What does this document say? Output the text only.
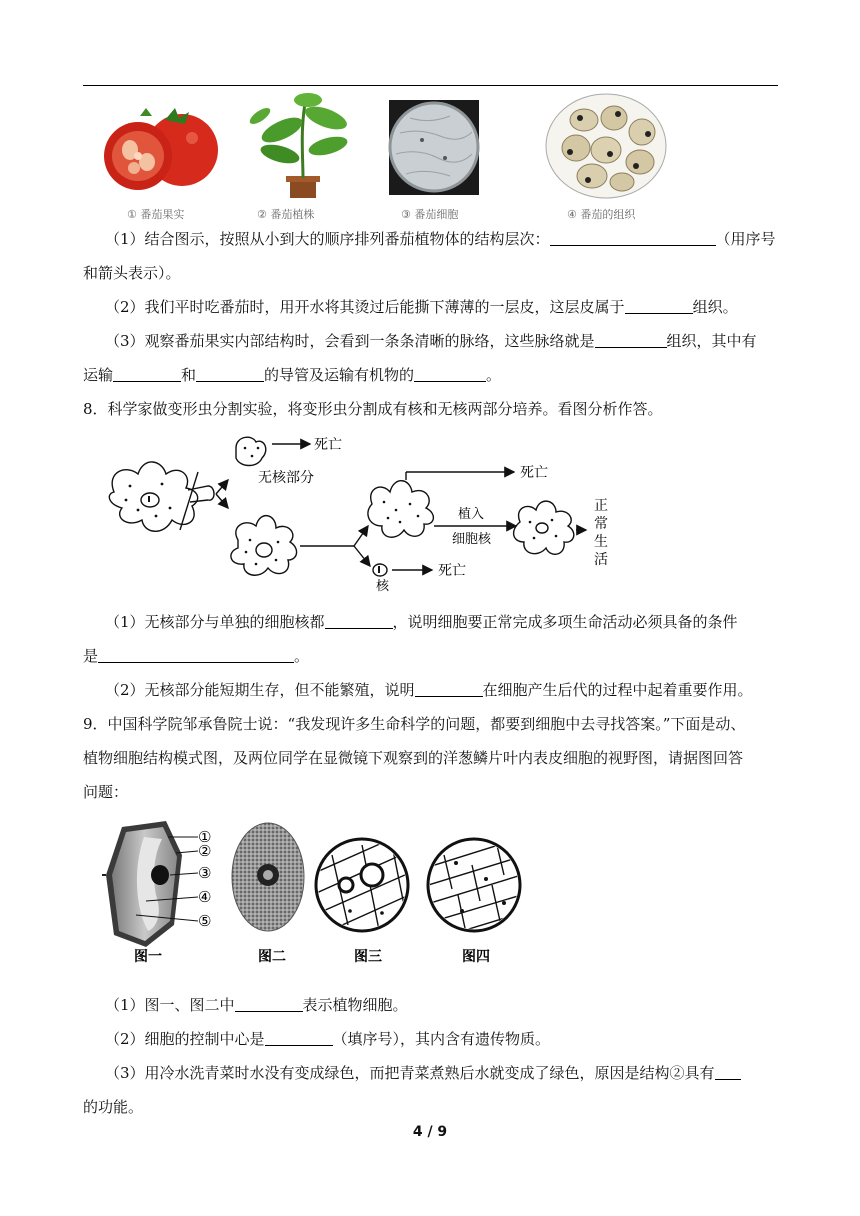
① 番茄果实	② 番茄植株	③ 番茄细胞	④ 番茄的组织
（1）结合图示，按照从小到大的顺序排列番茄植物体的结构层次：	（用序号
和箭头表示）。
（2）我们平时吃番茄时，用开水将其烫过后能撕下薄薄的一层皮，这层皮属于	组织。
（3）观察番茄果实内部结构时，会看到一条条清晰的脉络，这些脉络就是	组织，其中有
运输	和	的导管及运输有机物的	。
8．科学家做变形虫分割实验，将变形虫分割成有核和无核两部分培养。看图分析作答。
死亡
无核部分	死亡
植入
细胞核
核
死亡
正
常
生
活
（1）无核部分与单独的细胞核都	，说明细胞要正常完成多项生命活动必须具备的条件
是	。
（2）无核部分能短期生存，但不能繁殖，说明	在细胞产生后代的过程中起着重要作用。
9．中国科学院邹承鲁院士说：“我发现许多生命科学的问题，都要到细胞中去寻找答案。”下面是动、
植物细胞结构模式图，及两位同学在显微镜下观察到的洋葱鳞片叶内表皮细胞的视野图，请据图回答
问题：
①
②
③
④
⑤
图一	图二	图三	图四
（1）图一、图二中	表示植物细胞。
（2）细胞的控制中心是	（填序号），其内含有遗传物质。
（3）用冷水洗青菜时水没有变成绿色，而把青菜煮熟后水就变成了绿色，原因是结构②具有
的功能。
4 / 9
